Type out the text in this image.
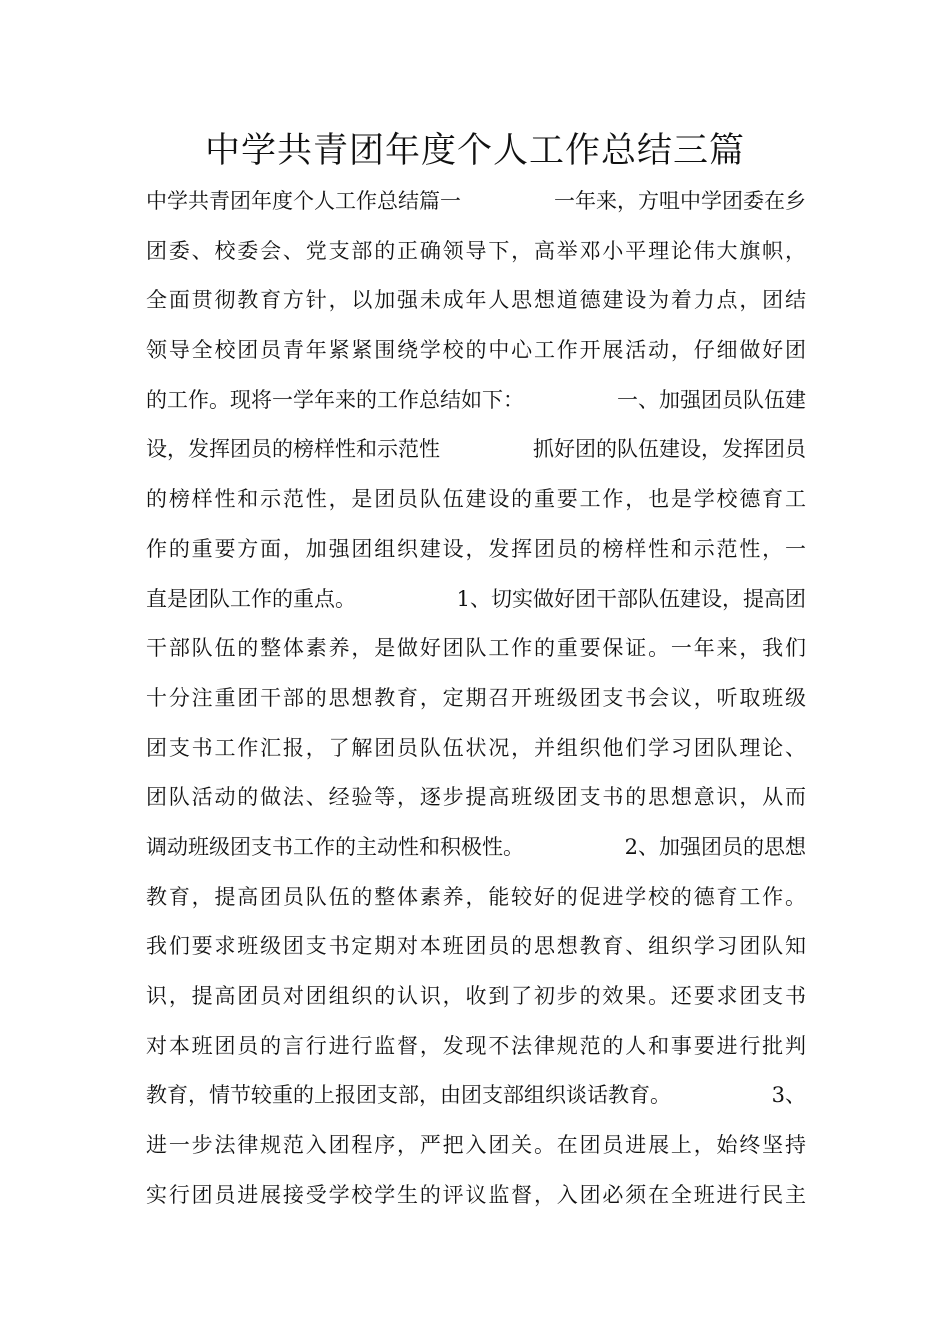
中学共青团年度个人工作总结三篇
中学共青团年度个人工作总结篇一	一年来，方咀中学团委在乡
团委、校委会、党支部的正确领导下，高举邓小平理论伟大旗帜，
全面贯彻教育方针，以加强未成年人思想道德建设为着力点，团结
领导全校团员青年紧紧围绕学校的中心工作开展活动，仔细做好团
的工作。现将一学年来的工作总结如下：	一、加强团员队伍建
设，发挥团员的榜样性和示范性	抓好团的队伍建设，发挥团员
的榜样性和示范性，是团员队伍建设的重要工作，也是学校德育工
作的重要方面，加强团组织建设，发挥团员的榜样性和示范性，一
直是团队工作的重点。	1、切实做好团干部队伍建设，提高团
干部队伍的整体素养，是做好团队工作的重要保证。一年来，我们
十分注重团干部的思想教育，定期召开班级团支书会议，听取班级
团支书工作汇报，了解团员队伍状况，并组织他们学习团队理论、
团队活动的做法、经验等，逐步提高班级团支书的思想意识，从而
调动班级团支书工作的主动性和积极性。	2、加强团员的思想
教育，提高团员队伍的整体素养，能较好的促进学校的德育工作。
我们要求班级团支书定期对本班团员的思想教育、组织学习团队知
识，提高团员对团组织的认识，收到了初步的效果。还要求团支书
对本班团员的言行进行监督，发现不法律规范的人和事要进行批判
教育，情节较重的上报团支部，由团支部组织谈话教育。	3、
进一步法律规范入团程序，严把入团关。在团员进展上，始终坚持
实行团员进展接受学校学生的评议监督，入团必须在全班进行民主
